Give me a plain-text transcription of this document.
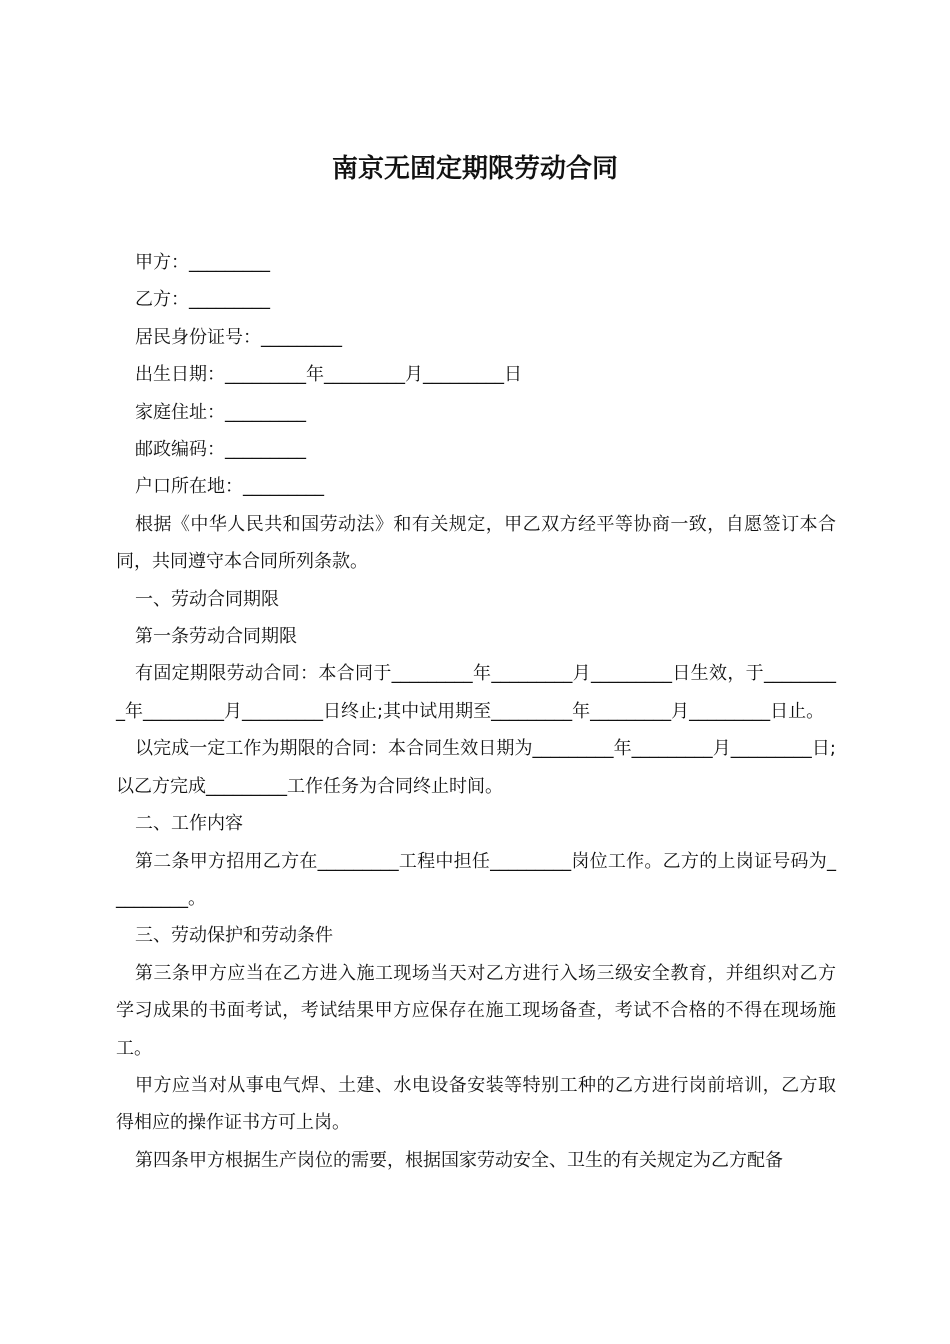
南京无固定期限劳动合同

甲方：_________

乙方：_________

居民身份证号：_________

出生日期：_________年_________月_________日

家庭住址：_________

邮政编码：_________

户口所在地：_________

根据《中华人民共和国劳动法》和有关规定，甲乙双方经平等协商一致，自愿签订本合同，共同遵守本合同所列条款。

一、劳动合同期限

第一条劳动合同期限

有固定期限劳动合同：本合同于_________年_________月_________日生效，于_________年_________月_________日终止;其中试用期至_________年_________月_________日止。

以完成一定工作为期限的合同：本合同生效日期为_________年_________月_________日;以乙方完成_________工作任务为合同终止时间。

二、工作内容

第二条甲方招用乙方在_________工程中担任_________岗位工作。乙方的上岗证号码为_________。

三、劳动保护和劳动条件

第三条甲方应当在乙方进入施工现场当天对乙方进行入场三级安全教育，并组织对乙方学习成果的书面考试，考试结果甲方应保存在施工现场备查，考试不合格的不得在现场施工。

甲方应当对从事电气焊、土建、水电设备安装等特别工种的乙方进行岗前培训，乙方取得相应的操作证书方可上岗。

第四条甲方根据生产岗位的需要，根据国家劳动安全、卫生的有关规定为乙方配备
